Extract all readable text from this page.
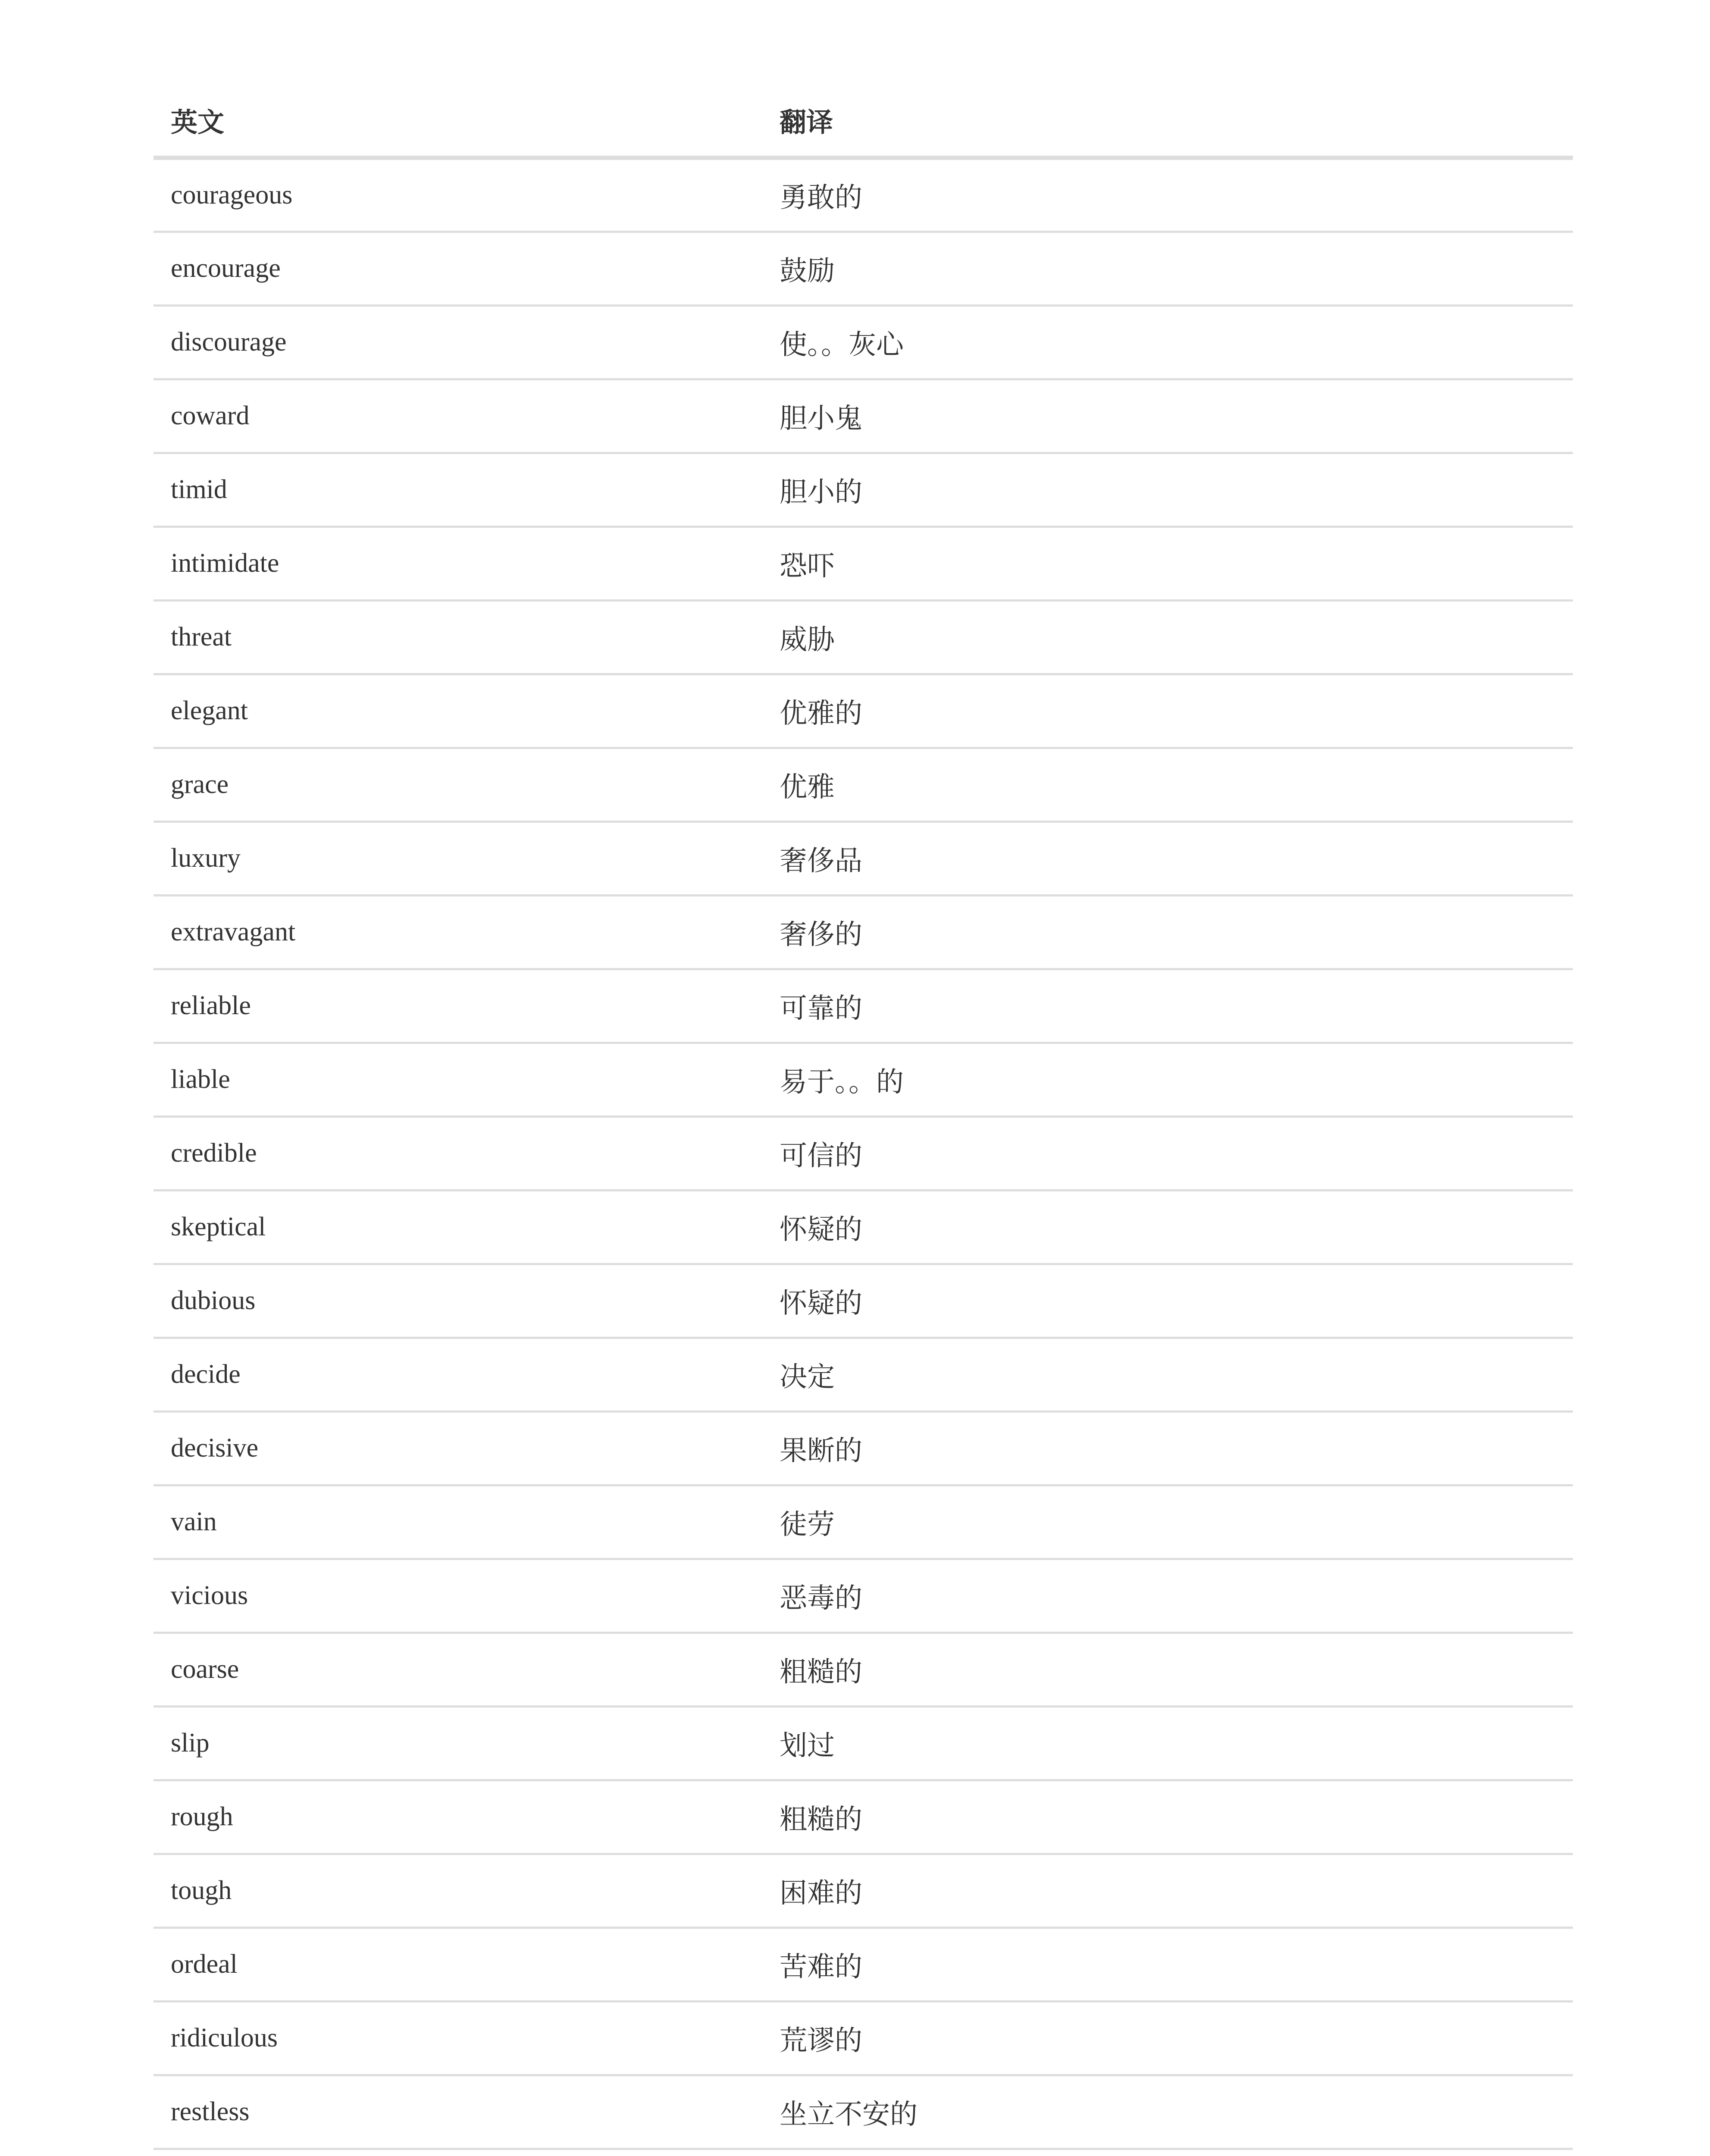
英文	翻译
courageous	勇敢的
encourage	鼓励
discourage	使。。灰心
coward	胆小鬼
timid	胆小的
intimidate	恐吓
threat	威胁
elegant	优雅的
grace	优雅
luxury	奢侈品
extravagant	奢侈的
reliable	可靠的
liable	易于。。的
credible	可信的
skeptical	怀疑的
dubious	怀疑的
decide	决定
decisive	果断的
vain	徒劳
vicious	恶毒的
coarse	粗糙的
slip	划过
rough	粗糙的
tough	困难的
ordeal	苦难的
ridiculous	荒谬的
restless	坐立不安的
